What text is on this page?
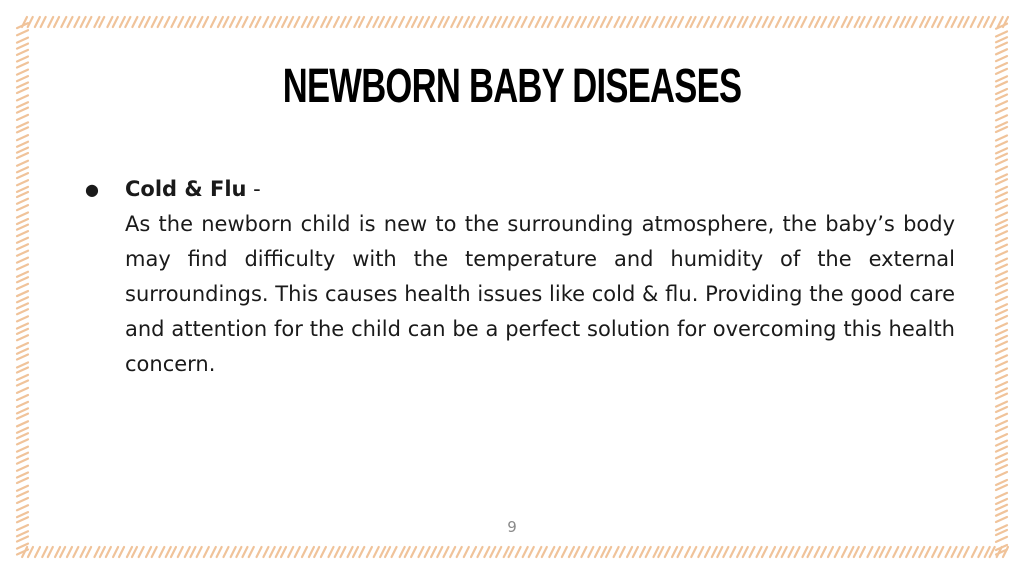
NEWBORN BABY DISEASES
●	Cold & Flu -
As the newborn child is new to the surrounding atmosphere, the baby’s body may find difficulty with the temperature and humidity of the external surroundings. This causes health issues like cold & flu. Providing the good care and attention for the child can be a perfect solution for overcoming this health concern.
9
